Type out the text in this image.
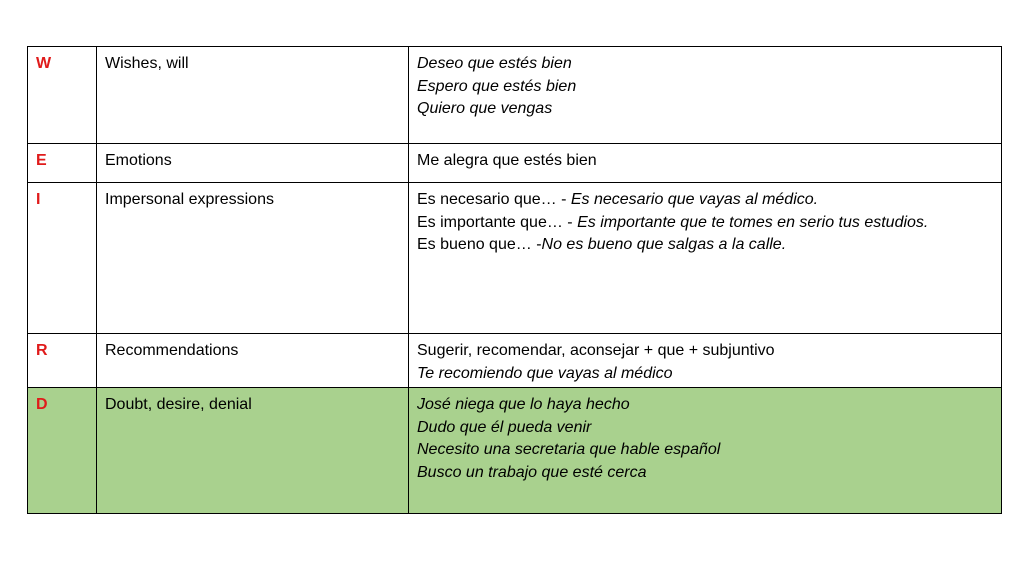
W	Wishes, will	Deseo que estés bien
Espero que estés bien
Quiero que vengas

E	Emotions	Me alegra que estés bien

I	Impersonal expressions	Es necesario que… - Es necesario que vayas al médico.
Es importante que… - Es importante que te tomes en serio tus estudios.
Es bueno que… -No es bueno que salgas a la calle.

R	Recommendations	Sugerir, recomendar, aconsejar + que + subjuntivo
Te recomiendo que vayas al médico

D	Doubt, desire, denial	José niega que lo haya hecho
Dudo que él pueda venir
Necesito una secretaria que hable español
Busco un trabajo que esté cerca
